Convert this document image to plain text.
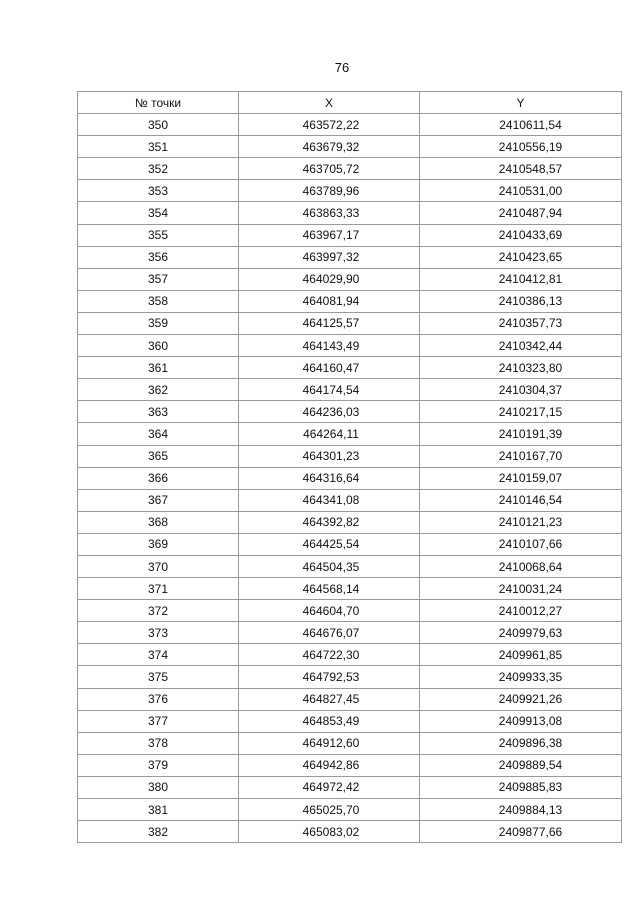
76
№ точки	X	Y
350	463572,22	2410611,54
351	463679,32	2410556,19
352	463705,72	2410548,57
353	463789,96	2410531,00
354	463863,33	2410487,94
355	463967,17	2410433,69
356	463997,32	2410423,65
357	464029,90	2410412,81
358	464081,94	2410386,13
359	464125,57	2410357,73
360	464143,49	2410342,44
361	464160,47	2410323,80
362	464174,54	2410304,37
363	464236,03	2410217,15
364	464264,11	2410191,39
365	464301,23	2410167,70
366	464316,64	2410159,07
367	464341,08	2410146,54
368	464392,82	2410121,23
369	464425,54	2410107,66
370	464504,35	2410068,64
371	464568,14	2410031,24
372	464604,70	2410012,27
373	464676,07	2409979,63
374	464722,30	2409961,85
375	464792,53	2409933,35
376	464827,45	2409921,26
377	464853,49	2409913,08
378	464912,60	2409896,38
379	464942,86	2409889,54
380	464972,42	2409885,83
381	465025,70	2409884,13
382	465083,02	2409877,66
